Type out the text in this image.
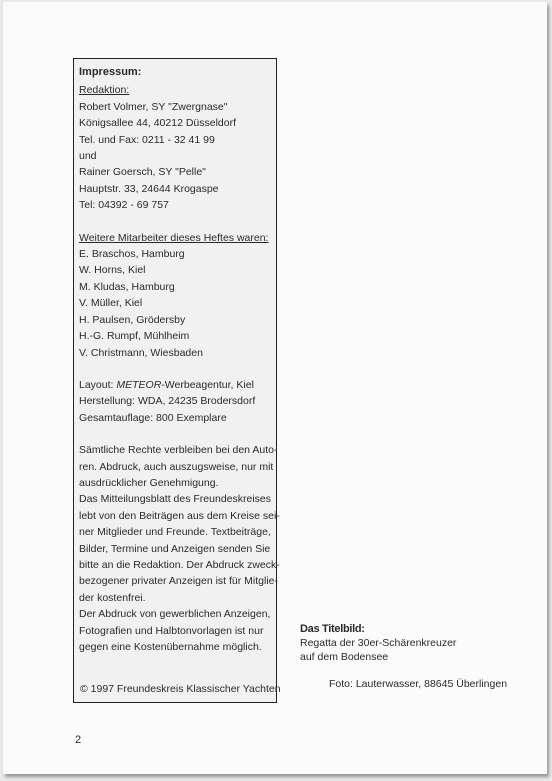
Impressum:
Redaktion:
Robert Volmer, SY "Zwergnase"
Königsallee 44, 40212 Düsseldorf
Tel. und Fax: 0211 - 32 41 99
und
Rainer Goersch, SY "Pelle"
Hauptstr. 33, 24644 Krogaspe
Tel: 04392 - 69 757
Weitere Mitarbeiter dieses Heftes waren:
E. Braschos, Hamburg
W. Horns, Kiel
M. Kludas, Hamburg
V. Müller, Kiel
H. Paulsen, Grödersby
H.-G. Rumpf, Mühlheim
V. Christmann, Wiesbaden
Layout: METEOR-Werbeagentur, Kiel
Herstellung: WDA, 24235 Brodersdorf
Gesamtauflage: 800 Exemplare
Sämtliche Rechte verbleiben bei den Auto-
ren. Abdruck, auch auszugsweise, nur mit
ausdrücklicher Genehmigung.
Das Mitteilungsblatt des Freundeskreises
lebt von den Beiträgen aus dem Kreise sei-
ner Mitglieder und Freunde. Textbeiträge,
Bilder, Termine und Anzeigen senden Sie
bitte an die Redaktion. Der Abdruck zweck-
bezogener privater Anzeigen ist für Mitglie-
der kostenfrei.
Der Abdruck von gewerblichen Anzeigen,
Fotografien und Halbtonvorlagen ist nur
gegen eine Kostenübernahme möglich.
© 1997 Freundeskreis Klassischer Yachten
Das Titelbild:
Regatta der 30er-Schärenkreuzer
auf dem Bodensee
Foto: Lauterwasser, 88645 Überlingen
2
